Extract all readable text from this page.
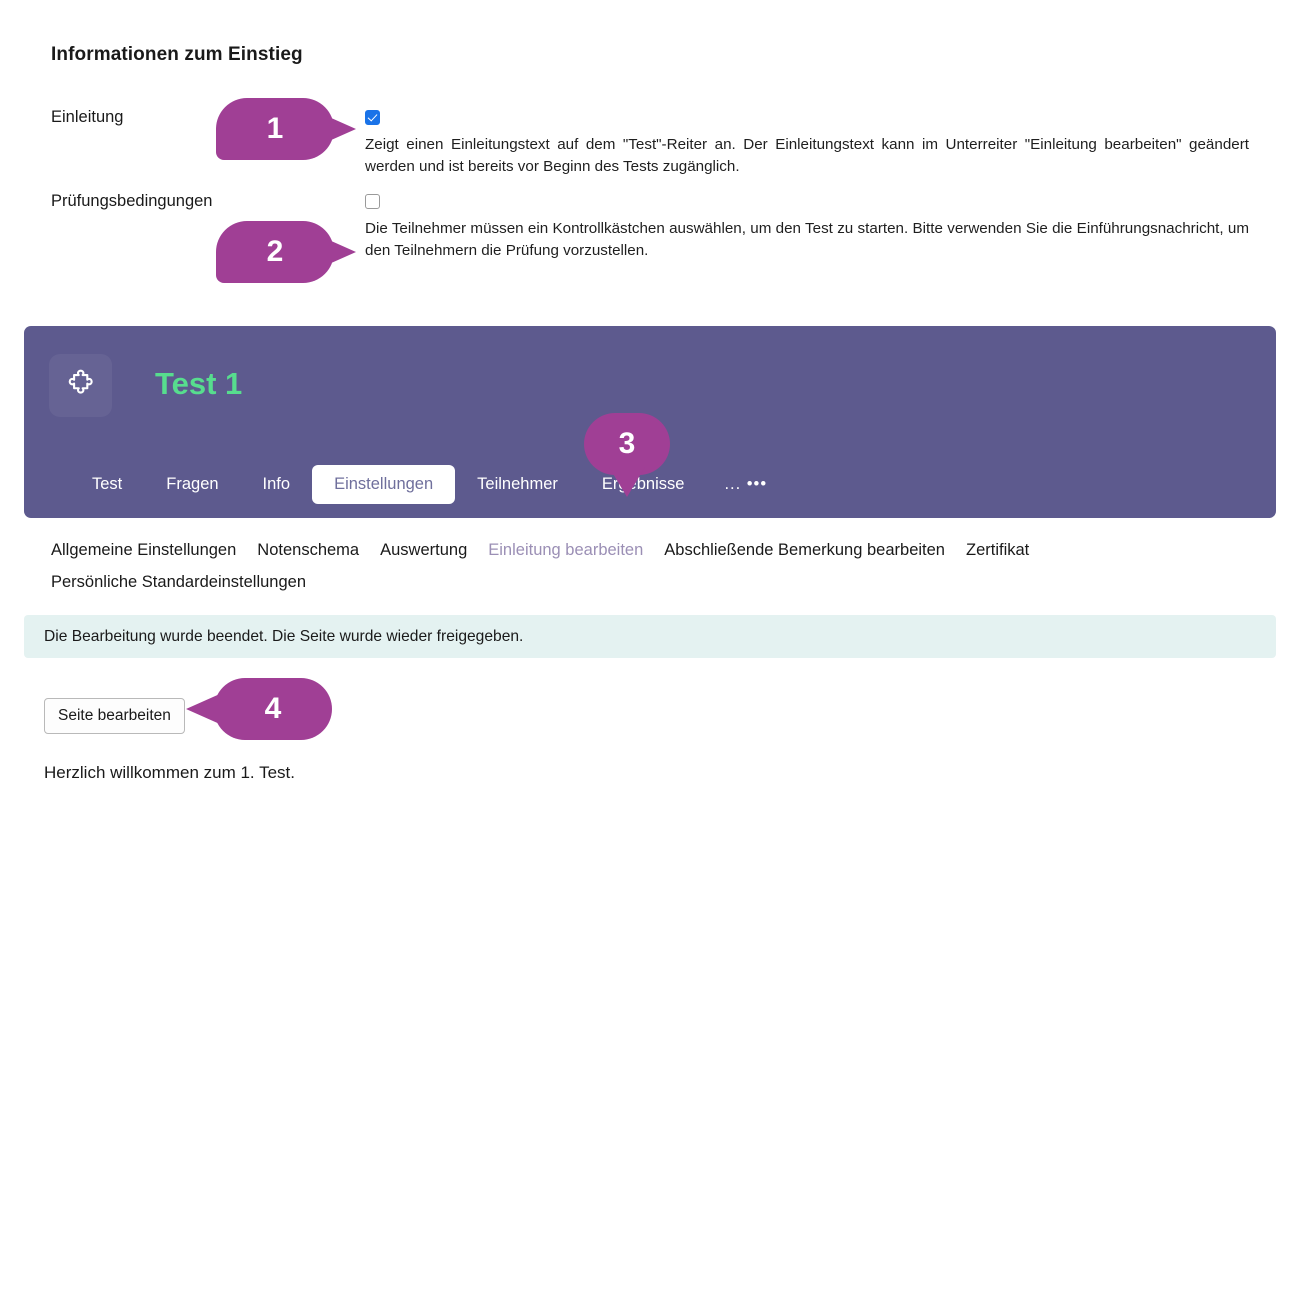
Informationen zum Einstieg
Einleitung
Zeigt einen Einleitungstext auf dem "Test"-Reiter an. Der Einleitungstext kann im Unterreiter "Einleitung bearbeiten" geändert werden und ist bereits vor Beginn des Tests zugänglich.
Prüfungsbedingungen
Die Teilnehmer müssen ein Kontrollkästchen auswählen, um den Test zu starten. Bitte verwenden Sie die Einführungsnachricht, um den Teilnehmern die Prüfung vorzustellen.
Test 1
Test	Fragen	Info	Einstellungen	Teilnehmer	Ergebnisse	... •••
Allgemeine Einstellungen Notenschema Auswertung Einleitung bearbeiten Abschließende Bemerkung bearbeiten Zertifikat
Persönliche Standardeinstellungen
Die Bearbeitung wurde beendet. Die Seite wurde wieder freigegeben.
Seite bearbeiten
Herzlich willkommen zum 1. Test.
1
2
3
4
